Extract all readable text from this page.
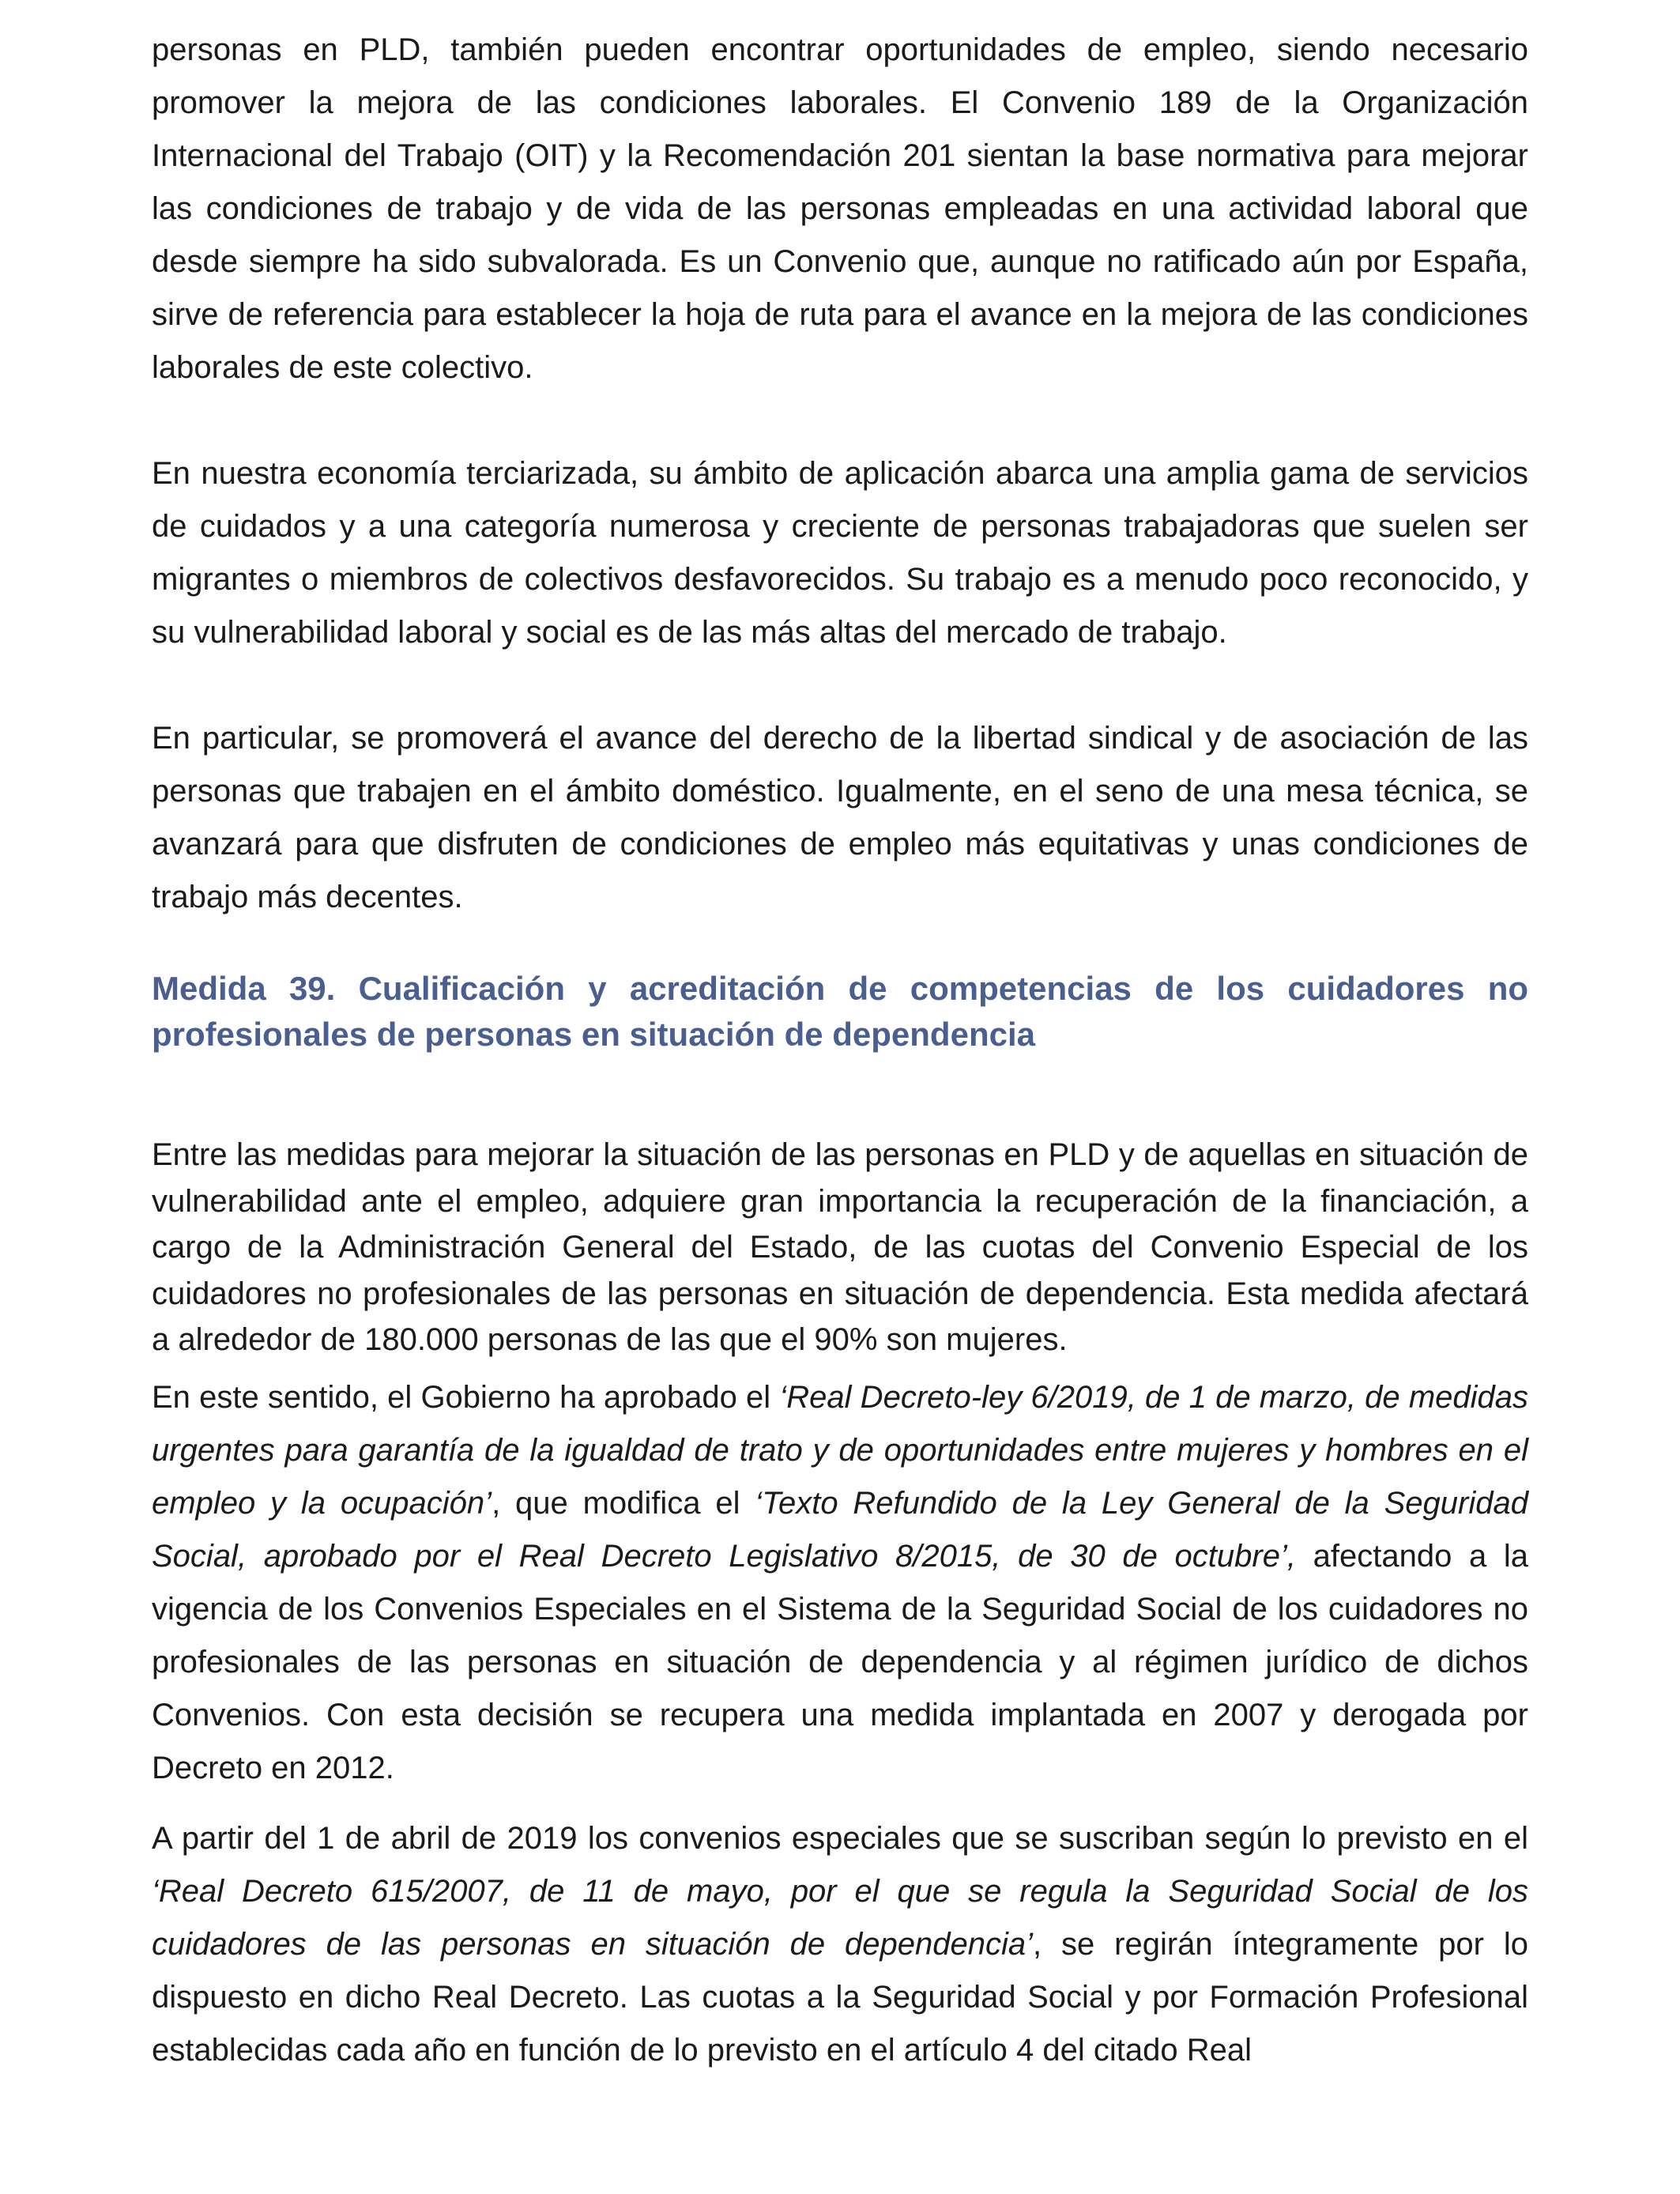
personas en PLD, también pueden encontrar oportunidades de empleo, siendo necesario promover la mejora de las condiciones laborales. El Convenio 189 de la Organización Internacional del Trabajo (OIT) y la Recomendación 201 sientan la base normativa para mejorar las condiciones de trabajo y de vida de las personas empleadas en una actividad laboral que desde siempre ha sido subvalorada. Es un Convenio que, aunque no ratificado aún por España, sirve de referencia para establecer la hoja de ruta para el avance en la mejora de las condiciones laborales de este colectivo.

En nuestra economía terciarizada, su ámbito de aplicación abarca una amplia gama de servicios de cuidados y a una categoría numerosa y creciente de personas trabajadoras que suelen ser migrantes o miembros de colectivos desfavorecidos. Su trabajo es a menudo poco reconocido, y su vulnerabilidad laboral y social es de las más altas del mercado de trabajo.

En particular, se promoverá el avance del derecho de la libertad sindical y de asociación de las personas que trabajen en el ámbito doméstico. Igualmente, en el seno de una mesa técnica, se avanzará para que disfruten de condiciones de empleo más equitativas y unas condiciones de trabajo más decentes.

Medida 39. Cualificación y acreditación de competencias de los cuidadores no profesionales de personas en situación de dependencia

Entre las medidas para mejorar la situación de las personas en PLD y de aquellas en situación de vulnerabilidad ante el empleo, adquiere gran importancia la recuperación de la financiación, a cargo de la Administración General del Estado, de las cuotas del Convenio Especial de los cuidadores no profesionales de las personas en situación de dependencia. Esta medida afectará a alrededor de 180.000 personas de las que el 90% son mujeres.

En este sentido, el Gobierno ha aprobado el ‘Real Decreto-ley 6/2019, de 1 de marzo, de medidas urgentes para garantía de la igualdad de trato y de oportunidades entre mujeres y hombres en el empleo y la ocupación’, que modifica el ‘Texto Refundido de la Ley General de la Seguridad Social, aprobado por el Real Decreto Legislativo 8/2015, de 30 de octubre’, afectando a la vigencia de los Convenios Especiales en el Sistema de la Seguridad Social de los cuidadores no profesionales de las personas en situación de dependencia y al régimen jurídico de dichos Convenios. Con esta decisión se recupera una medida implantada en 2007 y derogada por Decreto en 2012.

A partir del 1 de abril de 2019 los convenios especiales que se suscriban según lo previsto en el ‘Real Decreto 615/2007, de 11 de mayo, por el que se regula la Seguridad Social de los cuidadores de las personas en situación de dependencia’, se regirán íntegramente por lo dispuesto en dicho Real Decreto. Las cuotas a la Seguridad Social y por Formación Profesional establecidas cada año en función de lo previsto en el artículo 4 del citado Real
